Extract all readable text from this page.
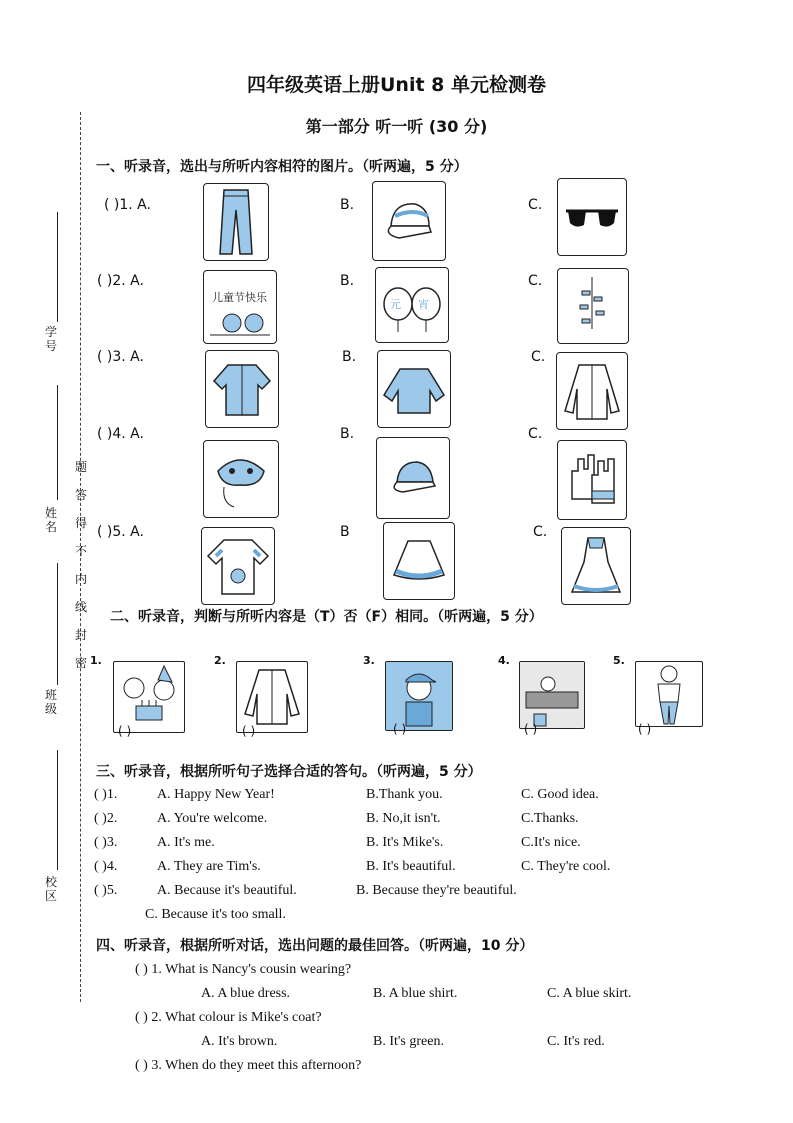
四年级英语上册Unit 8 单元检测卷
第一部分 听一听 (30 分)
学号
姓名
班级
校区
题
答
得
不
内
线
封
密
一、听录音，选出与所听内容相符的图片。（听两遍，5 分）
( )1. A.	B.	C.
( )2. A.
儿童节快乐
B.
元 宵
C.
( )3. A.	B.	C.
( )4. A.	B.	C.
( )5. A.	B	C.
二、听录音，判断与所听内容是（T）否（F）相同。（听两遍，5 分）
1.
( )
2.
( )
3.
( )
4.
( )
5.
( )
三、听录音，根据所听句子选择合适的答句。（听两遍，5 分）
( )1.	A. Happy New Year!	B.Thank you.	C. Good idea.
( )2.	A. You're welcome.	B. No,it isn't.	C.Thanks.
( )3.	A. It's me.	B. It's Mike's.	C.It's nice.
( )4.	A. They are Tim's.	B. It's beautiful.	C. They're cool.
( )5.	A. Because it's beautiful.	B. Because they're beautiful.
C. Because it's too small.
四、听录音，根据所听对话，选出问题的最佳回答。（听两遍，10 分）
( ) 1. What is Nancy's cousin wearing?
A. A blue dress.	B. A blue shirt.	C. A blue skirt.
( ) 2. What colour is Mike's coat?
A. It's brown.	B. It's green.	C. It's red.
( ) 3. When do they meet this afternoon?
